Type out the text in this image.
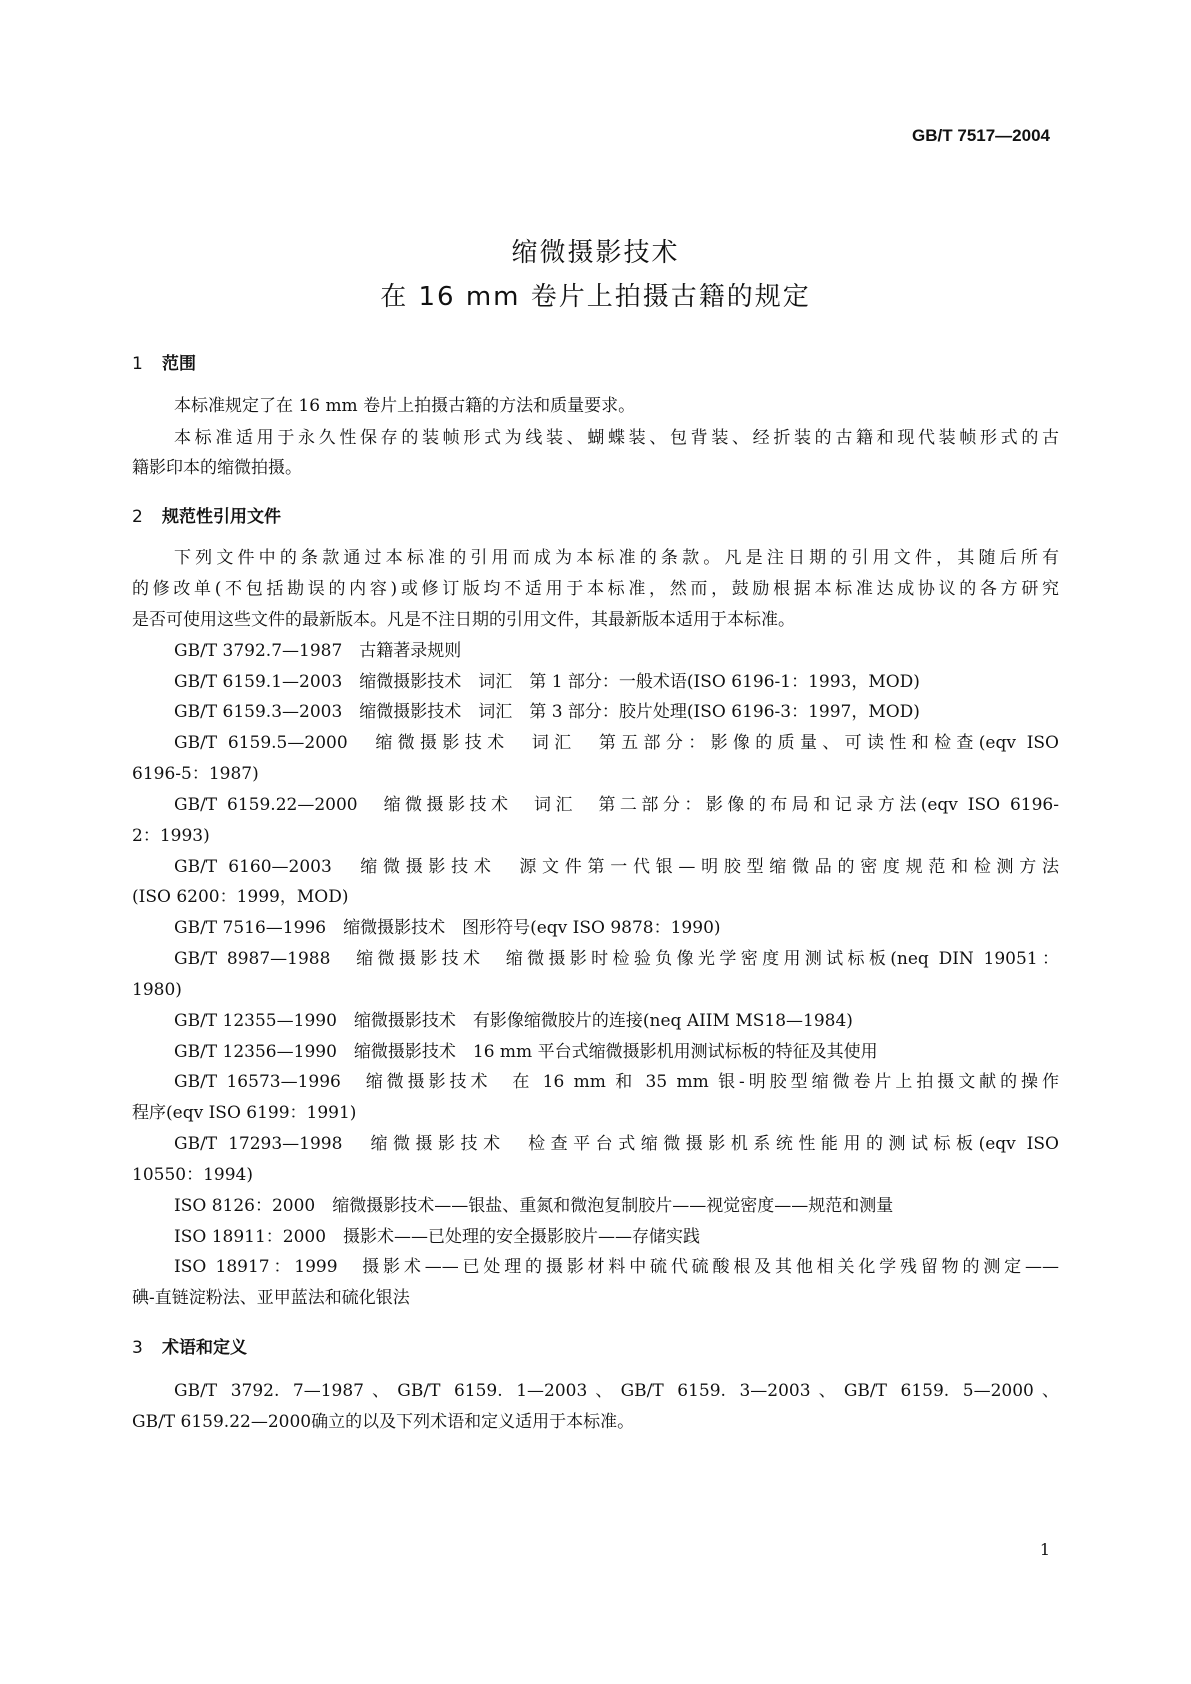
GB/T 7517—2004
缩微摄影技术
在 16 mm 卷片上拍摄古籍的规定
1 范围
本标准规定了在 16 mm 卷片上拍摄古籍的方法和质量要求。
本标准适用于永久性保存的装帧形式为线装、蝴蝶装、包背装、经折装的古籍和现代装帧形式的古
籍影印本的缩微拍摄。
2 规范性引用文件
下列文件中的条款通过本标准的引用而成为本标准的条款。凡是注日期的引用文件，其随后所有
的修改单(不包括勘误的内容)或修订版均不适用于本标准，然而，鼓励根据本标准达成协议的各方研究
是否可使用这些文件的最新版本。凡是不注日期的引用文件，其最新版本适用于本标准。
GB/T 3792.7—1987　古籍著录规则
GB/T 6159.1—2003　缩微摄影技术　词汇　第 1 部分：一般术语(ISO 6196-1：1993，MOD)
GB/T 6159.3—2003　缩微摄影技术　词汇　第 3 部分：胶片处理(ISO 6196-3：1997，MOD)
GB/T 6159.5—2000　缩微摄影技术　词汇　第五部分：影像的质量、可读性和检查(eqv ISO
6196-5：1987)
GB/T 6159.22—2000　缩微摄影技术　词汇　第二部分：影像的布局和记录方法(eqv ISO 6196-
2：1993)
GB/T 6160—2003　缩微摄影技术　源文件第一代银—明胶型缩微品的密度规范和检测方法
(ISO 6200：1999，MOD)
GB/T 7516—1996　缩微摄影技术　图形符号(eqv ISO 9878：1990)
GB/T 8987—1988　缩微摄影技术　缩微摄影时检验负像光学密度用测试标板(neq DIN 19051：
1980)
GB/T 12355—1990　缩微摄影技术　有影像缩微胶片的连接(neq AIIM MS18—1984)
GB/T 12356—1990　缩微摄影技术　16 mm 平台式缩微摄影机用测试标板的特征及其使用
GB/T 16573—1996　缩微摄影技术　在 16 mm 和 35 mm 银-明胶型缩微卷片上拍摄文献的操作
程序(eqv ISO 6199：1991)
GB/T 17293—1998　缩微摄影技术　检查平台式缩微摄影机系统性能用的测试标板(eqv ISO
10550：1994)
ISO 8126：2000　缩微摄影技术——银盐、重氮和微泡复制胶片——视觉密度——规范和测量
ISO 18911：2000　摄影术——已处理的安全摄影胶片——存储实践
ISO 18917：1999　摄影术——已处理的摄影材料中硫代硫酸根及其他相关化学残留物的测定——
碘-直链淀粉法、亚甲蓝法和硫化银法
3 术语和定义
GB/T 3792. 7—1987、GB/T 6159. 1—2003、GB/T 6159. 3—2003、GB/T 6159. 5—2000、
GB/T 6159.22—2000确立的以及下列术语和定义适用于本标准。
1
